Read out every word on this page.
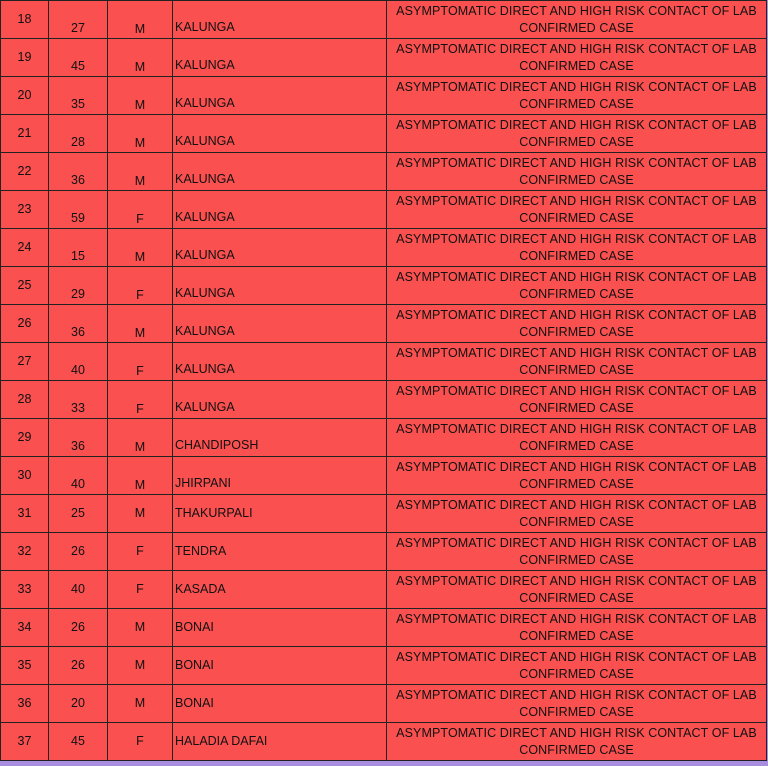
18	27	M	KALUNGA	ASYMPTOMATIC DIRECT AND HIGH RISK CONTACT OF LAB CONFIRMED CASE
19	45	M	KALUNGA	ASYMPTOMATIC DIRECT AND HIGH RISK CONTACT OF LAB CONFIRMED CASE
20	35	M	KALUNGA	ASYMPTOMATIC DIRECT AND HIGH RISK CONTACT OF LAB CONFIRMED CASE
21	28	M	KALUNGA	ASYMPTOMATIC DIRECT AND HIGH RISK CONTACT OF LAB CONFIRMED CASE
22	36	M	KALUNGA	ASYMPTOMATIC DIRECT AND HIGH RISK CONTACT OF LAB CONFIRMED CASE
23	59	F	KALUNGA	ASYMPTOMATIC DIRECT AND HIGH RISK CONTACT OF LAB CONFIRMED CASE
24	15	M	KALUNGA	ASYMPTOMATIC DIRECT AND HIGH RISK CONTACT OF LAB CONFIRMED CASE
25	29	F	KALUNGA	ASYMPTOMATIC DIRECT AND HIGH RISK CONTACT OF LAB CONFIRMED CASE
26	36	M	KALUNGA	ASYMPTOMATIC DIRECT AND HIGH RISK CONTACT OF LAB CONFIRMED CASE
27	40	F	KALUNGA	ASYMPTOMATIC DIRECT AND HIGH RISK CONTACT OF LAB CONFIRMED CASE
28	33	F	KALUNGA	ASYMPTOMATIC DIRECT AND HIGH RISK CONTACT OF LAB CONFIRMED CASE
29	36	M	CHANDIPOSH	ASYMPTOMATIC DIRECT AND HIGH RISK CONTACT OF LAB CONFIRMED CASE
30	40	M	JHIRPANI	ASYMPTOMATIC DIRECT AND HIGH RISK CONTACT OF LAB CONFIRMED CASE
31	25	M	THAKURPALI	ASYMPTOMATIC DIRECT AND HIGH RISK CONTACT OF LAB CONFIRMED CASE
32	26	F	TENDRA	ASYMPTOMATIC DIRECT AND HIGH RISK CONTACT OF LAB CONFIRMED CASE
33	40	F	KASADA	ASYMPTOMATIC DIRECT AND HIGH RISK CONTACT OF LAB CONFIRMED CASE
34	26	M	BONAI	ASYMPTOMATIC DIRECT AND HIGH RISK CONTACT OF LAB CONFIRMED CASE
35	26	M	BONAI	ASYMPTOMATIC DIRECT AND HIGH RISK CONTACT OF LAB CONFIRMED CASE
36	20	M	BONAI	ASYMPTOMATIC DIRECT AND HIGH RISK CONTACT OF LAB CONFIRMED CASE
37	45	F	HALADIA DAFAI	ASYMPTOMATIC DIRECT AND HIGH RISK CONTACT OF LAB CONFIRMED CASE
